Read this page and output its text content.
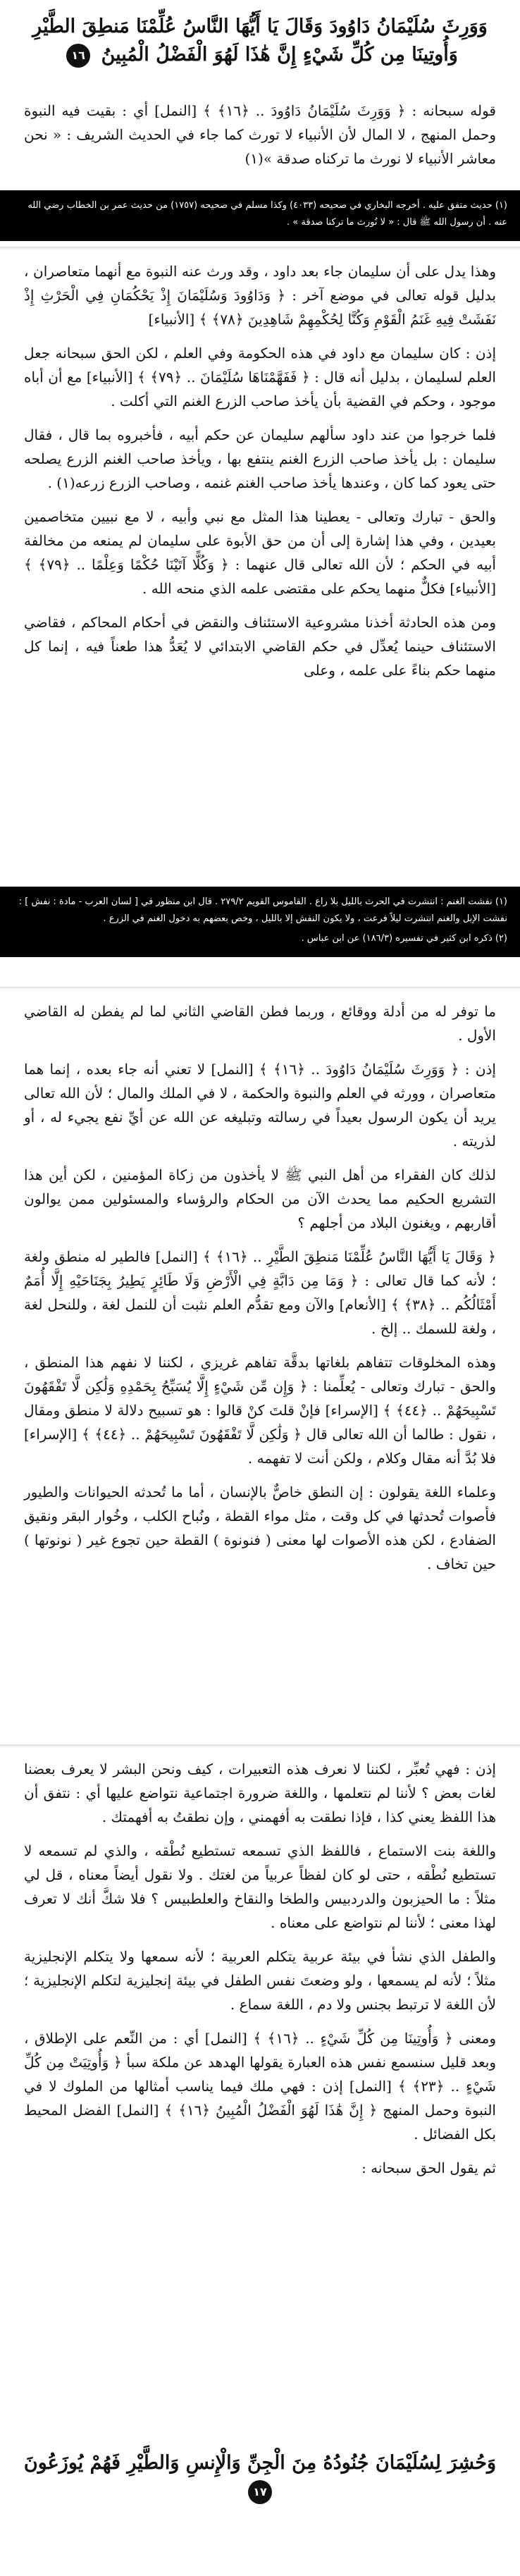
وَوَرِثَ سُلَيْمَانُ دَاوُودَ وَقَالَ يَا أَيُّهَا النَّاسُ عُلِّمْنَا مَنطِقَ الطَّيْرِ وَأُوتِينَا مِن كُلِّ شَيْءٍ إِنَّ هَٰذَا لَهُوَ الْفَضْلُ الْمُبِينُ ١٦

قوله سبحانه : ﴿ وَوَرِثَ سُلَيْمَانُ دَاوُودَ .. ﴿١٦﴾ ﴾ [النمل] أي : بقيت فيه النبوة وحمل المنهج ، لا المال لأن الأنبياء لا تورث كما جاء في الحديث الشريف : « نحن معاشر الأنبياء لا نورث ما تركناه صدقة »(١)

(١) حديث متفق عليه . أخرجه البخاري في صحيحه (٤٠٣٣) وكذا مسلم في صحيحه (١٧٥٧) من حديث عمر بن الخطاب رضي الله عنه . أن رسول الله ﷺ قال : « لا نُورث ما تركنا صدقة » .

وهذا يدل على أن سليمان جاء بعد داود ، وقد ورث عنه النبوة مع أنهما متعاصران ، بدليل قوله تعالى في موضع آخر : ﴿ وَدَاوُودَ وَسُلَيْمَانَ إِذْ يَحْكُمَانِ فِي الْحَرْثِ إِذْ نَفَشَتْ فِيهِ غَنَمُ الْقَوْمِ وَكُنَّا لِحُكْمِهِمْ شَاهِدِينَ ﴿٧٨﴾ ﴾ [الأنبياء]

إذن : كان سليمان مع داود في هذه الحكومة وفي العلم ، لكن الحق سبحانه جعل العلم لسليمان ، بدليل أنه قال : ﴿ فَفَهَّمْنَاهَا سُلَيْمَانَ .. ﴿٧٩﴾ ﴾ [الأنبياء] مع أن أباه موجود ، وحكم في القضية بأن يأخذ صاحب الزرع الغنم التي أكلت .

فلما خرجوا من عند داود سألهم سليمان عن حكم أبيه ، فأخبروه بما قال ، فقال سليمان : بل يأخذ صاحب الزرع الغنم ينتفع بها ، ويأخذ صاحب الغنم الزرع يصلحه حتى يعود كما كان ، وعندها يأخذ صاحب الغنم غنمه ، وصاحب الزرع زرعه(١) .

والحق - تبارك وتعالى - يعطينا هذا المثل مع نبي وأبيه ، لا مع نبيين متخاصمين بعيدين ، وفي هذا إشارة إلى أن من حق الأبوة على سليمان لم يمنعه من مخالفة أبيه في الحكم ؛ لأن الله تعالى قال عنهما : ﴿ وَكُلًّا آتَيْنَا حُكْمًا وَعِلْمًا .. ﴿٧٩﴾ ﴾ [الأنبياء] فكلٌّ منهما يحكم على مقتضى علمه الذي منحه الله .

ومن هذه الحادثة أخذنا مشروعية الاستئناف والنقض في أحكام المحاكم ، فقاضي الاستئناف حينما يُعدِّل في حكم القاضي الابتدائي لا يُعَدُّ هذا طعناً فيه ، إنما كل منهما حكم بناءً على علمه ، وعلى

(١) نفشت الغنم : انتشرت في الحرث بالليل بلا راع . القاموس القويم ٢٧٩/٢ . قال ابن منظور في [ لسان العرب - مادة : نفش ] : نفشت الإبل والغنم انتشرت ليلاً فرعت ، ولا يكون النفش إلا بالليل ، وخص بعضهم به دخول الغنم في الزرع .

(٢) ذكره ابن كثير في تفسيره (١٨٦/٣) عن ابن عباس .

ما توفر له من أدلة ووقائع ، وربما فطن القاضي الثاني لما لم يفطن له القاضي الأول .

إذن : ﴿ وَوَرِثَ سُلَيْمَانُ دَاوُودَ .. ﴿١٦﴾ ﴾ [النمل] لا تعني أنه جاء بعده ، إنما هما متعاصران ، وورثه في العلم والنبوة والحكمة ، لا في الملك والمال ؛ لأن الله تعالى يريد أن يكون الرسول بعيداً في رسالته وتبليغه عن الله عن أيِّ نفع يجيء له ، أو لذريته .

لذلك كان الفقراء من أهل النبي ﷺ لا يأخذون من زكاة المؤمنين ، لكن أين هذا التشريع الحكيم مما يحدث الآن من الحكام والرؤساء والمسئولين ممن يوالون أقاربهم ، ويغنون البلاد من أجلهم ؟

﴿ وَقَالَ يَا أَيُّهَا النَّاسُ عُلِّمْنَا مَنطِقَ الطَّيْرِ .. ﴿١٦﴾ ﴾ [النمل] فالطير له منطق ولغة ؛ لأنه كما قال تعالى : ﴿ وَمَا مِن دَابَّةٍ فِي الْأَرْضِ وَلَا طَائِرٍ يَطِيرُ بِجَنَاحَيْهِ إِلَّا أُمَمٌ أَمْثَالُكُم .. ﴿٣٨﴾ ﴾ [الأنعام] والآن ومع تقدُّم العلم نثبت أن للنمل لغة ، وللنحل لغة ، ولغة للسمك .. إلخ .

وهذه المخلوقات تتفاهم بلغاتها بدقَّة تفاهم غريزي ، لكننا لا نفهم هذا المنطق ، والحق - تبارك وتعالى - يُعلِّمنا : ﴿ وَإِن مِّن شَيْءٍ إِلَّا يُسَبِّحُ بِحَمْدِهِ وَلَٰكِن لَّا تَفْقَهُونَ تَسْبِيحَهُمْ .. ﴿٤٤﴾ ﴾ [الإسراء] فإنْ قلتَ كنْ قالوا : هو تسبيح دلالة لا منطق ومقال ، نقول : طالما أن الله تعالى قال ﴿ وَلَٰكِن لَّا تَفْقَهُونَ تَسْبِيحَهُمْ .. ﴿٤٤﴾ ﴾ [الإسراء] فلا بُدَّ أنه مقال وكلام ، ولكن أنت لا تفهمه .

وعلماء اللغة يقولون : إن النطق خاصٌّ بالإنسان ، أما ما تُحدثه الحيوانات والطيور فأصوات تُحدثها في كل وقت ، مثل مواء القطة ، ونُباح الكلب ، وخُوار البقر ونقيق الضفادع ، لكن هذه الأصوات لها معنى ( فنونوة ) القطة حين تجوع غير ( نونوتها ) حين تخاف .

إذن : فهي تُعبِّر ، لكننا لا نعرف هذه التعبيرات ، كيف ونحن البشر لا يعرف بعضنا لغات بعض ؟ لأننا لم نتعلمها ، واللغة ضرورة اجتماعية نتواضع عليها أي : نتفق أن هذا اللفظ يعني كذا ، فإذا نطقت به أفهمني ، وإن نطقتُ به أفهمتك .

واللغة بنت الاستماع ، فاللفظ الذي تسمعه تستطيع نُطْقه ، والذي لم تسمعه لا تستطيع نُطْقه ، حتى لو كان لفظاً عربياً من لغتك . ولا نقول أيضاً معناه ، قل لي مثلاً : ما الحيزبون والدردبيس والطخا والنقاخ والعلطبيس ؟ فلا شكَّ أنك لا تعرف لهذا معنى ؛ لأننا لم نتواضع على معناه .

والطفل الذي نشأ في بيئة عربية يتكلم العربية ؛ لأنه سمعها ولا يتكلم الإنجليزية مثلاً ؛ لأنه لم يسمعها ، ولو وضعتَ نفس الطفل في بيئة إنجليزية لتكلم الإنجليزية ؛ لأن اللغة لا ترتبط بجنس ولا دم ، اللغة سماع .

ومعنى ﴿ وَأُوتِينَا مِن كُلِّ شَيْءٍ .. ﴿١٦﴾ ﴾ [النمل] أي : من النِّعم على الإطلاق ، وبعد قليل سنسمع نفس هذه العبارة يقولها الهدهد عن ملكة سبأ ﴿ وَأُوتِيَتْ مِن كُلِّ شَيْءٍ .. ﴿٢٣﴾ ﴾ [النمل] إذن : فهي ملك فيما يناسب أمثالها من الملوك لا في النبوة وحمل المنهج ﴿ إِنَّ هَٰذَا لَهُوَ الْفَضْلُ الْمُبِينُ ﴿١٦﴾ ﴾ [النمل] الفضل المحيط بكل الفضائل .

ثم يقول الحق سبحانه :

وَحُشِرَ لِسُلَيْمَانَ جُنُودُهُ مِنَ الْجِنِّ وَالْإِنسِ وَالطَّيْرِ فَهُمْ يُوزَعُونَ ١٧
